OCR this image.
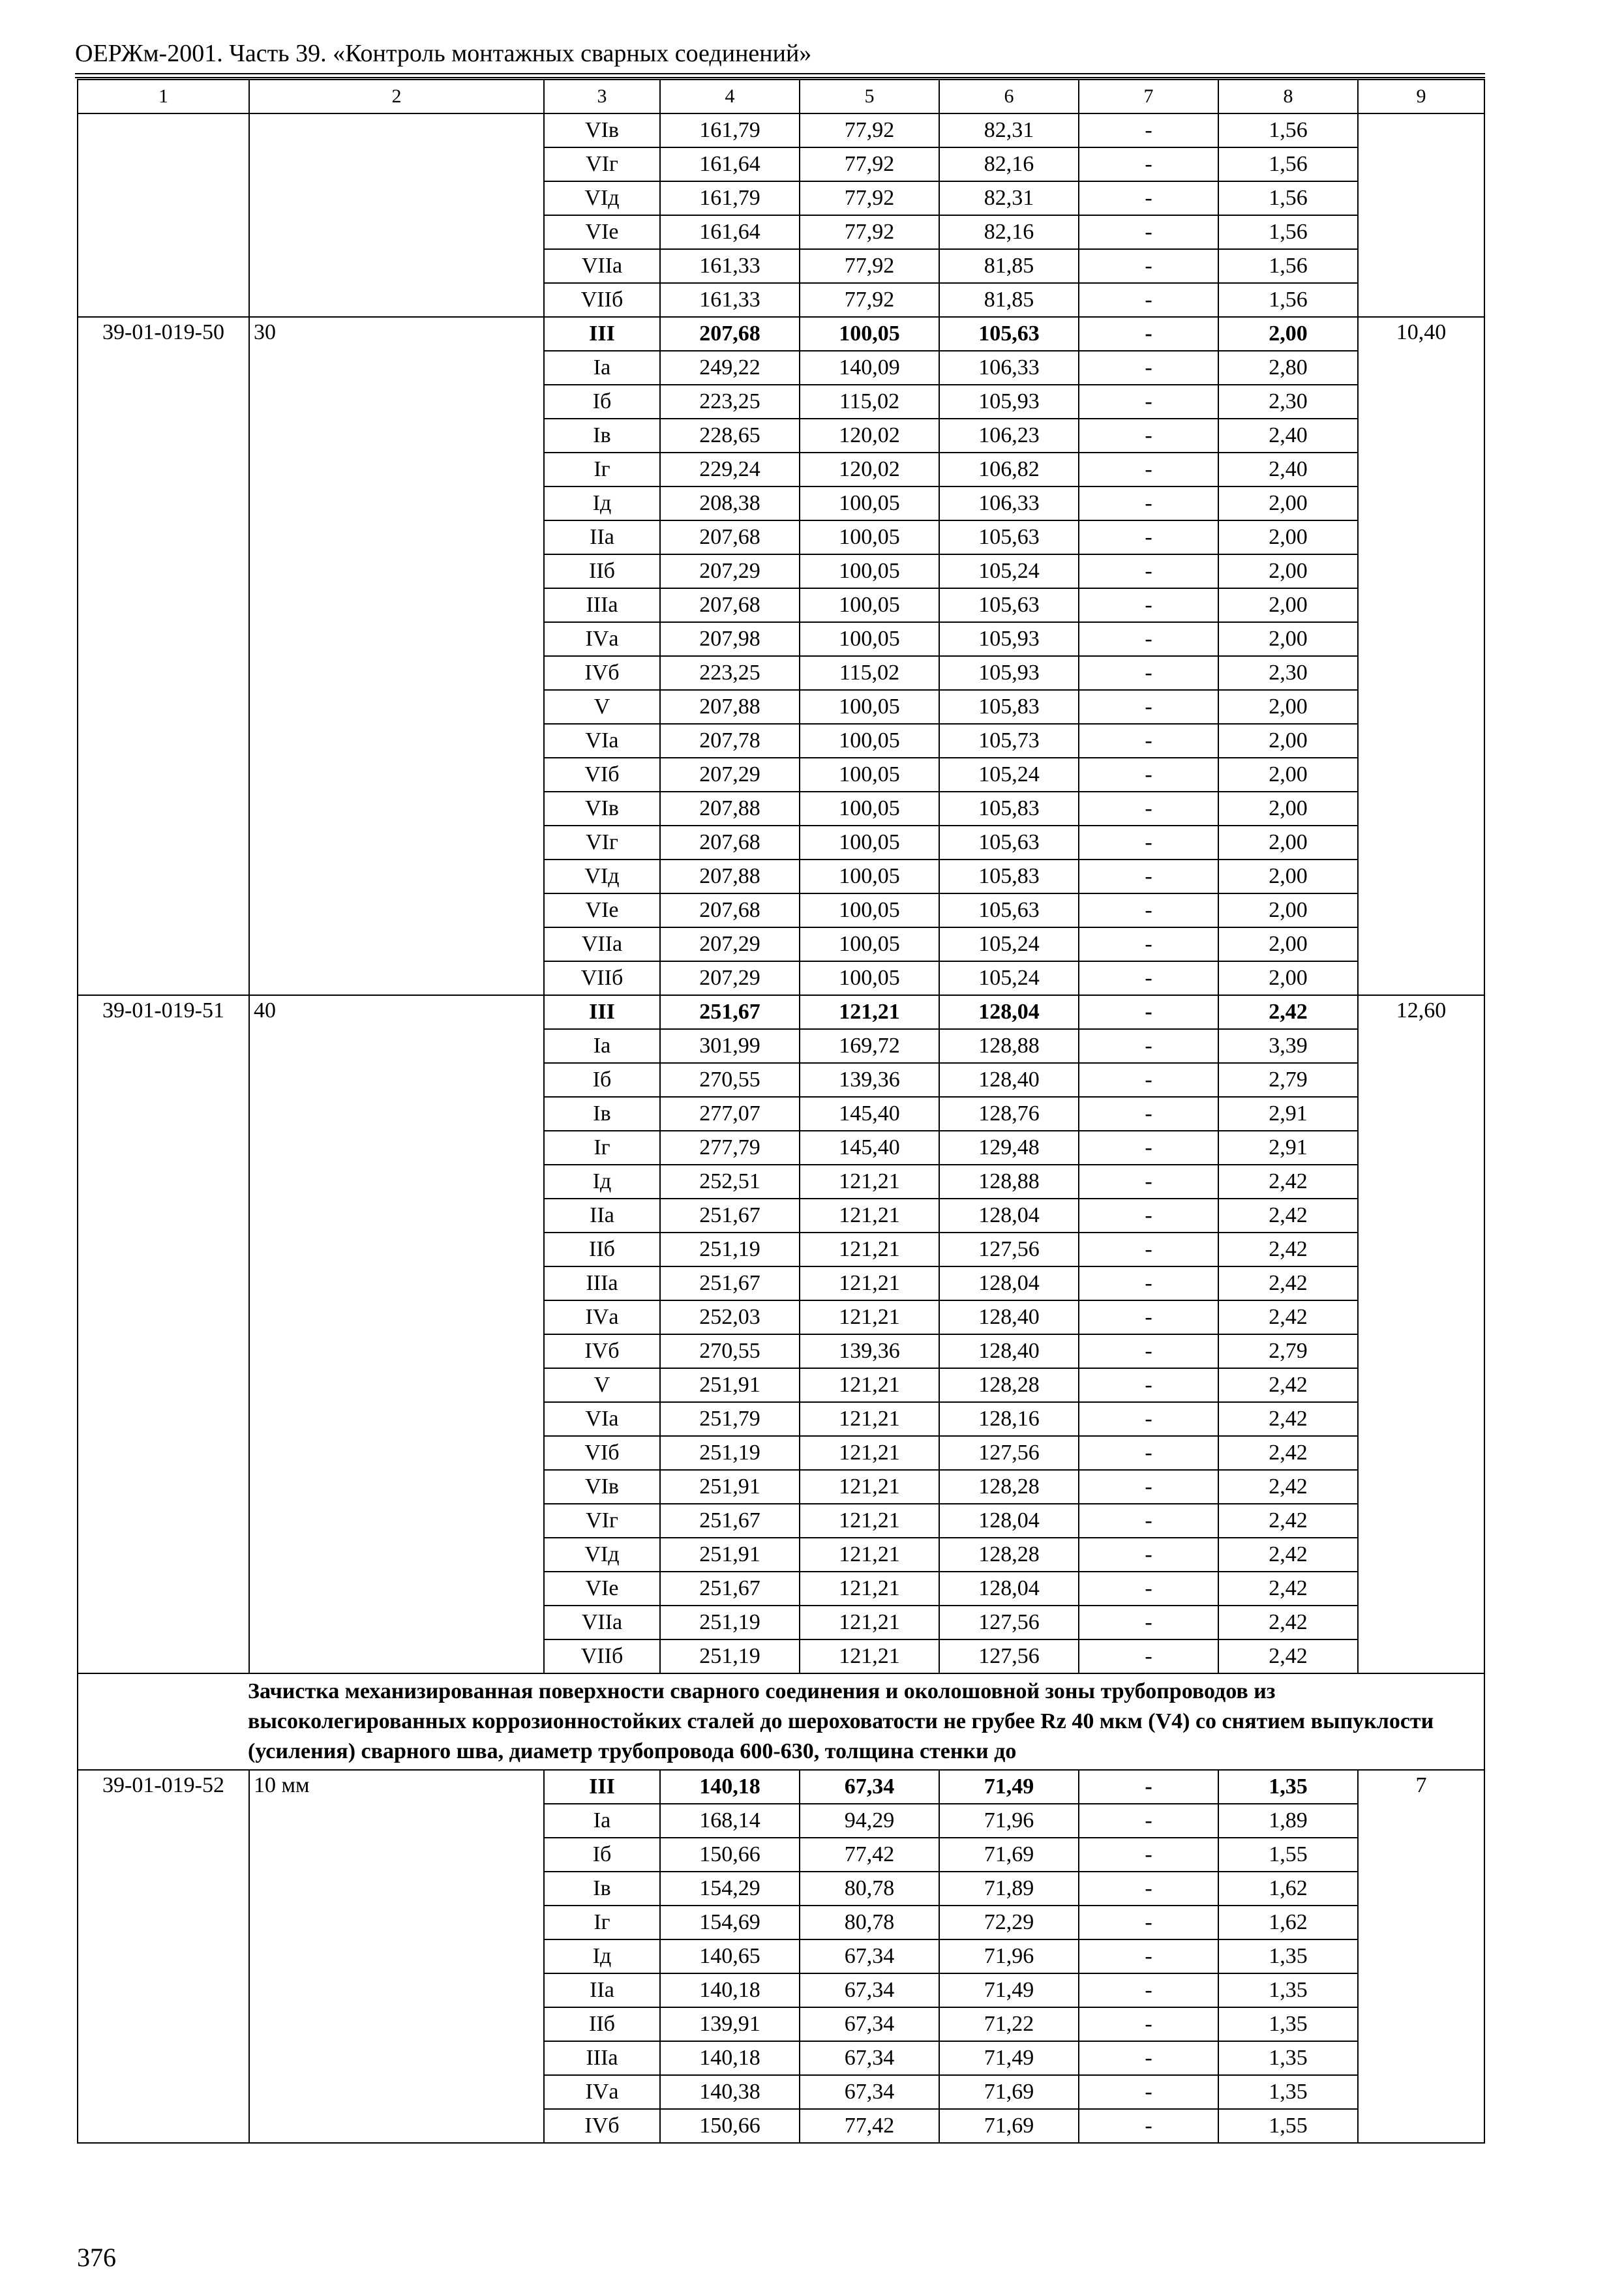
ОЕРЖм-2001. Часть 39. «Контроль монтажных сварных соединений»
1	2	3	4	5	6	7	8	9
		VIв	161,79	77,92	82,31	-	1,56	
		VIг	161,64	77,92	82,16	-	1,56	
		VIд	161,79	77,92	82,31	-	1,56	
		VIе	161,64	77,92	82,16	-	1,56	
		VIIа	161,33	77,92	81,85	-	1,56	
		VIIб	161,33	77,92	81,85	-	1,56	
39-01-019-50	30	III	207,68	100,05	105,63	-	2,00	10,40
		Iа	249,22	140,09	106,33	-	2,80	
		Iб	223,25	115,02	105,93	-	2,30	
		Iв	228,65	120,02	106,23	-	2,40	
		Iг	229,24	120,02	106,82	-	2,40	
		Iд	208,38	100,05	106,33	-	2,00	
		IIа	207,68	100,05	105,63	-	2,00	
		IIб	207,29	100,05	105,24	-	2,00	
		IIIа	207,68	100,05	105,63	-	2,00	
		IVа	207,98	100,05	105,93	-	2,00	
		IVб	223,25	115,02	105,93	-	2,30	
		V	207,88	100,05	105,83	-	2,00	
		VIа	207,78	100,05	105,73	-	2,00	
		VIб	207,29	100,05	105,24	-	2,00	
		VIв	207,88	100,05	105,83	-	2,00	
		VIг	207,68	100,05	105,63	-	2,00	
		VIд	207,88	100,05	105,83	-	2,00	
		VIе	207,68	100,05	105,63	-	2,00	
		VIIа	207,29	100,05	105,24	-	2,00	
		VIIб	207,29	100,05	105,24	-	2,00	
39-01-019-51	40	III	251,67	121,21	128,04	-	2,42	12,60
		Iа	301,99	169,72	128,88	-	3,39	
		Iб	270,55	139,36	128,40	-	2,79	
		Iв	277,07	145,40	128,76	-	2,91	
		Iг	277,79	145,40	129,48	-	2,91	
		Iд	252,51	121,21	128,88	-	2,42	
		IIа	251,67	121,21	128,04	-	2,42	
		IIб	251,19	121,21	127,56	-	2,42	
		IIIа	251,67	121,21	128,04	-	2,42	
		IVа	252,03	121,21	128,40	-	2,42	
		IVб	270,55	139,36	128,40	-	2,79	
		V	251,91	121,21	128,28	-	2,42	
		VIа	251,79	121,21	128,16	-	2,42	
		VIб	251,19	121,21	127,56	-	2,42	
		VIв	251,91	121,21	128,28	-	2,42	
		VIг	251,67	121,21	128,04	-	2,42	
		VIд	251,91	121,21	128,28	-	2,42	
		VIе	251,67	121,21	128,04	-	2,42	
		VIIа	251,19	121,21	127,56	-	2,42	
		VIIб	251,19	121,21	127,56	-	2,42	
Зачистка механизированная поверхности сварного соединения и околошовной зоны трубопроводов из высоколегированных коррозионностойких сталей до шероховатости не грубее Rz 40 мкм (V4) со снятием выпуклости (усиления) сварного шва, диаметр трубопровода 600-630, толщина стенки до								
39-01-019-52	10 мм	III	140,18	67,34	71,49	-	1,35	7
		Iа	168,14	94,29	71,96	-	1,89	
		Iб	150,66	77,42	71,69	-	1,55	
		Iв	154,29	80,78	71,89	-	1,62	
		Iг	154,69	80,78	72,29	-	1,62	
		Iд	140,65	67,34	71,96	-	1,35	
		IIа	140,18	67,34	71,49	-	1,35	
		IIб	139,91	67,34	71,22	-	1,35	
		IIIа	140,18	67,34	71,49	-	1,35	
		IVа	140,38	67,34	71,69	-	1,35	
		IVб	150,66	77,42	71,69	-	1,55	
376
